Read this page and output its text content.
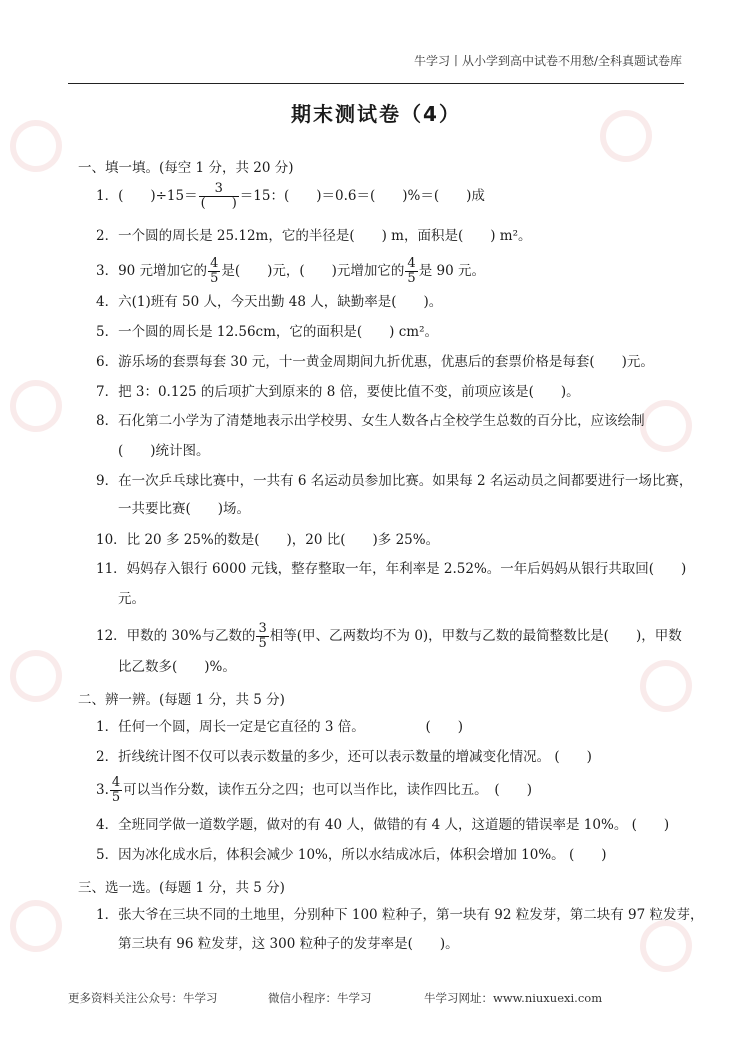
牛学习丨从小学到高中试卷不用愁/全科真题试卷库
期末测试卷（4）
一、填一填。(每空 1 分，共 20 分)
1．(　　)$\div 15= \frac{3}{( )} =15$：(　　)＝0.6＝(　　)%＝(　　)成
2．一个圆的周长是 25.12m，它的半径是(　　) m，面积是(　　) m²。
3．90 元增加它的 $\frac{4}{5}$ 是(　　)元，(　　)元增加它的 $\frac{4}{5}$ 是 90 元。
4．六(1)班有 50 人，今天出勤 48 人，缺勤率是(　　)。
5．一个圆的周长是 12.56cm，它的面积是(　　) cm²。
6．游乐场的套票每套 30 元，十一黄金周期间九折优惠，优惠后的套票价格是每套(　　)元。
7．把 3：0.125 的后项扩大到原来的 8 倍，要使比值不变，前项应该是(　　)。
8．石化第二小学为了清楚地表示出学校男、女生人数各占全校学生总数的百分比，应该绘制
(　　)统计图。
9．在一次乒乓球比赛中，一共有 6 名运动员参加比赛。如果每 2 名运动员之间都要进行一场比赛，
一共要比赛(　　)场。
10．比 20 多 25%的数是(　　)，20 比(　　)多 25%。
11．妈妈存入银行 6000 元钱，整存整取一年，年利率是 2.52%。一年后妈妈从银行共取回(　　)
元。
12．甲数的 30%与乙数的 $\frac{3}{5}$ 相等(甲、乙两数均不为 0)，甲数与乙数的最简整数比是(　　)，甲数
比乙数多(　　)%。
二、辨一辨。(每题 1 分，共 5 分)
1．任何一个圆，周长一定是它直径的 3 倍。　　　　　(　　)
2．折线统计图不仅可以表示数量的多少，还可以表示数量的增减变化情况。 (　　)
3. $\frac{4}{5}$ 可以当作分数，读作五分之四；也可以当作比，读作四比五。　(　　)
4．全班同学做一道数学题，做对的有 40 人，做错的有 4 人，这道题的错误率是 10%。 (　　)
5．因为冰化成水后，体积会减少 10%，所以水结成冰后，体积会增加 10%。 (　　)
三、选一选。(每题 1 分，共 5 分)
1．张大爷在三块不同的土地里，分别种下 100 粒种子，第一块有 92 粒发芽，第二块有 97 粒发芽，
第三块有 96 粒发芽，这 300 粒种子的发芽率是(　　)。
更多资料关注公众号：牛学习	微信小程序：牛学习	牛学习网址：www.niuxuexi.com
